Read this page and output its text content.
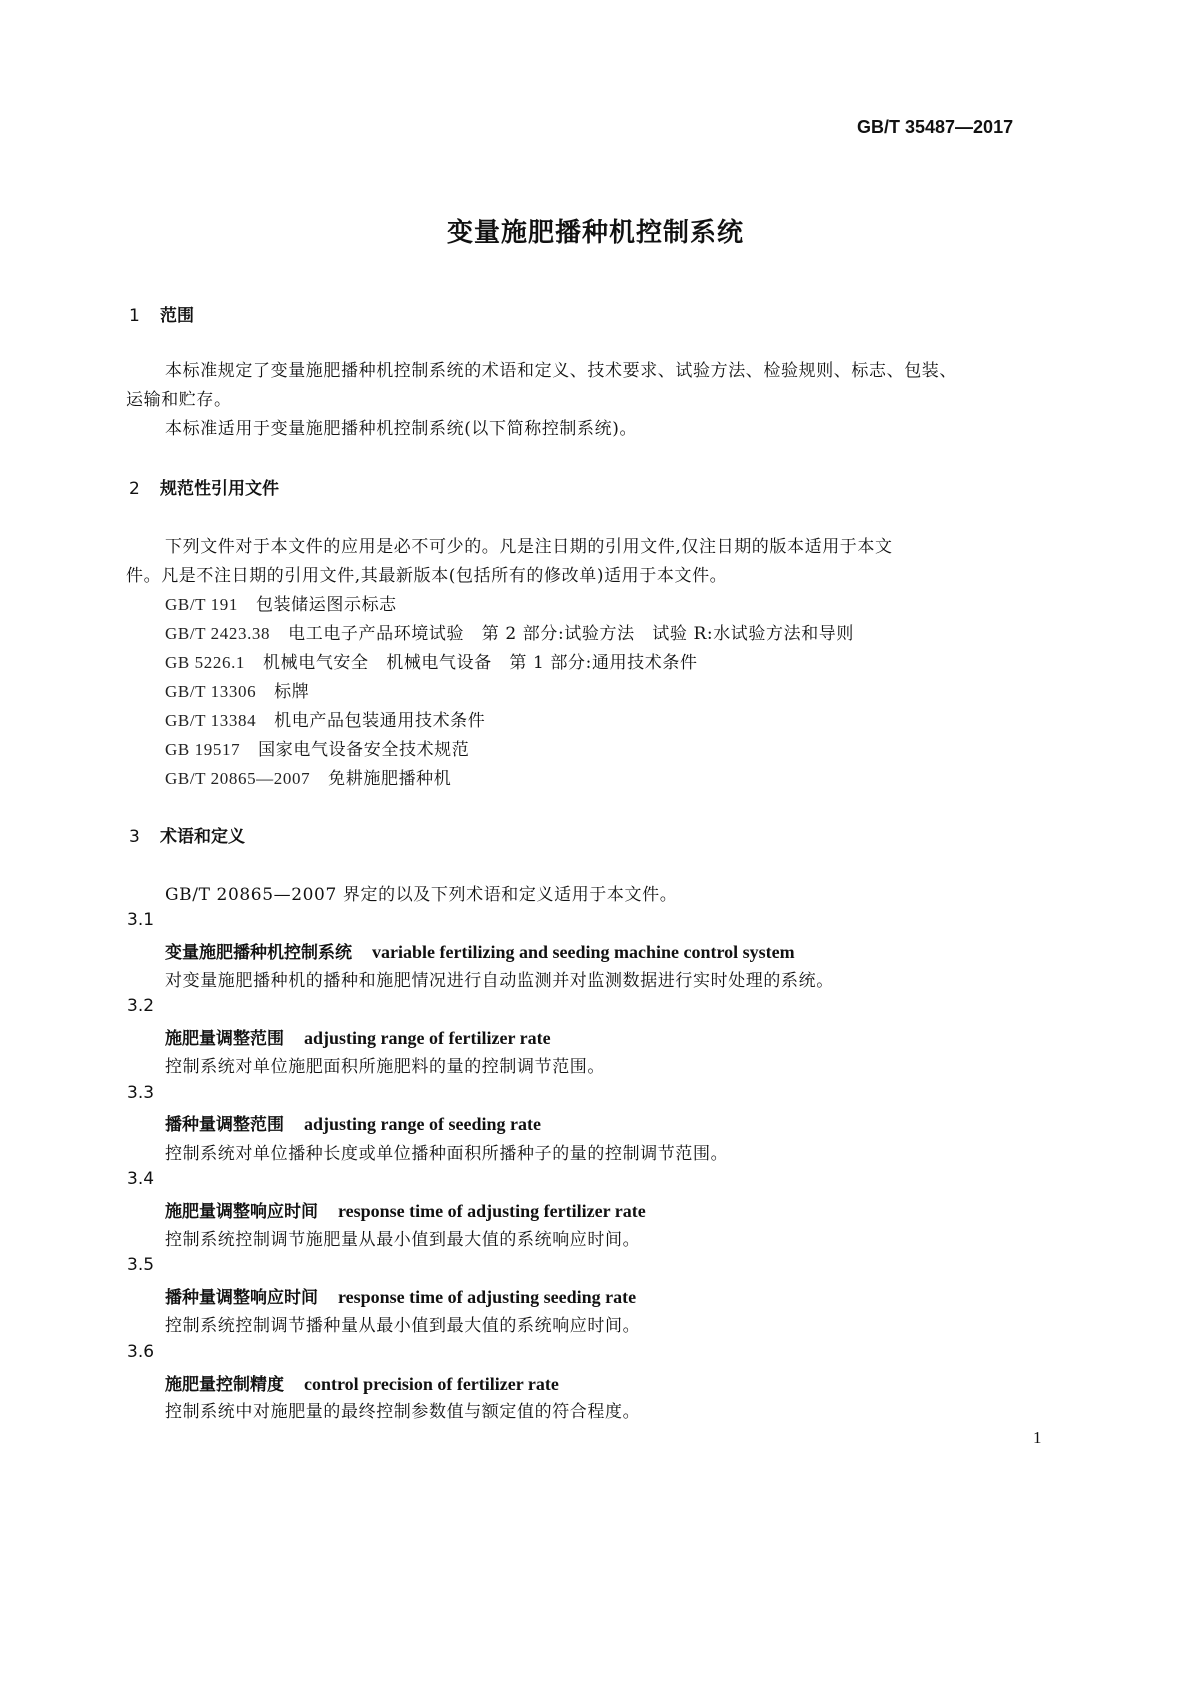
GB/T 35487—2017
变量施肥播种机控制系统
1 范围
本标准规定了变量施肥播种机控制系统的术语和定义、技术要求、试验方法、检验规则、标志、包装、
运输和贮存。
本标准适用于变量施肥播种机控制系统(以下简称控制系统)。
2 规范性引用文件
下列文件对于本文件的应用是必不可少的。凡是注日期的引用文件,仅注日期的版本适用于本文
件。凡是不注日期的引用文件,其最新版本(包括所有的修改单)适用于本文件。
GB/T 191 包装储运图示标志
GB/T 2423.38 电工电子产品环境试验　第 2 部分:试验方法　试验 R:水试验方法和导则
GB 5226.1 机械电气安全　机械电气设备　第 1 部分:通用技术条件
GB/T 13306 标牌
GB/T 13384 机电产品包装通用技术条件
GB 19517 国家电气设备安全技术规范
GB/T 20865—2007 免耕施肥播种机
3 术语和定义
GB/T 20865—2007 界定的以及下列术语和定义适用于本文件。
3.1
变量施肥播种机控制系统 variable fertilizing and seeding machine control system
对变量施肥播种机的播种和施肥情况进行自动监测并对监测数据进行实时处理的系统。
3.2
施肥量调整范围 adjusting range of fertilizer rate
控制系统对单位施肥面积所施肥料的量的控制调节范围。
3.3
播种量调整范围 adjusting range of seeding rate
控制系统对单位播种长度或单位播种面积所播种子的量的控制调节范围。
3.4
施肥量调整响应时间 response time of adjusting fertilizer rate
控制系统控制调节施肥量从最小值到最大值的系统响应时间。
3.5
播种量调整响应时间 response time of adjusting seeding rate
控制系统控制调节播种量从最小值到最大值的系统响应时间。
3.6
施肥量控制精度 control precision of fertilizer rate
控制系统中对施肥量的最终控制参数值与额定值的符合程度。
1
